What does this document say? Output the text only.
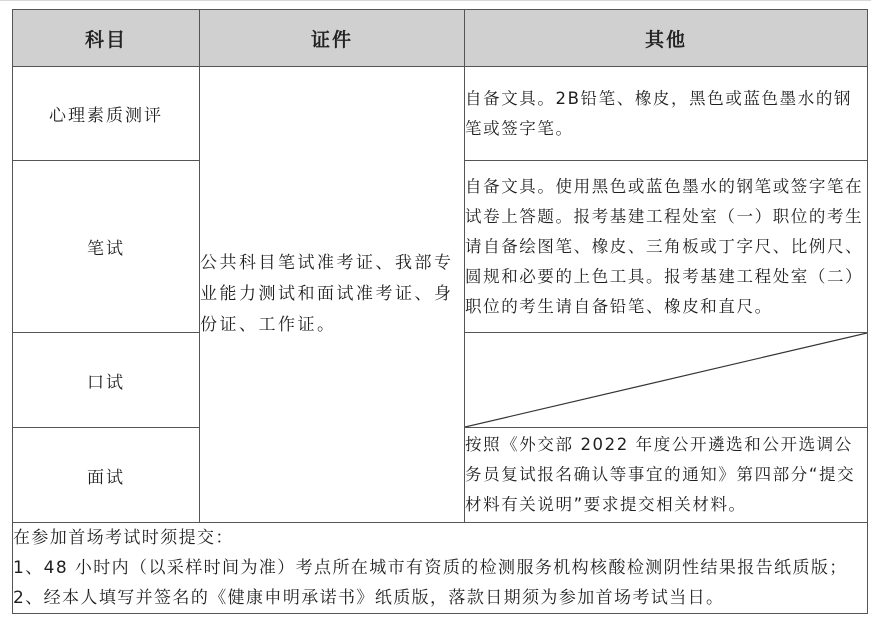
科目	证件	其他
心理素质测评	公共科目笔试准考证、我部专业能力测试和面试准考证、身份证、工作证。	自备文具。2B铅笔、橡皮，黑色或蓝色墨水的钢笔或签字笔。
笔试		自备文具。使用黑色或蓝色墨水的钢笔或签字笔在试卷上答题。报考基建工程处室（一）职位的考生请自备绘图笔、橡皮、三角板或丁字尺、比例尺、圆规和必要的上色工具。报考基建工程处室（二）职位的考生请自备铅笔、橡皮和直尺。
口试	

面试		按照《外交部 2022 年度公开遴选和公开选调公务员复试报名确认等事宜的通知》第四部分“提交材料有关说明”要求提交相关材料。

在参加首场考试时须提交：

1、48 小时内（以采样时间为准）考点所在城市有资质的检测服务机构核酸检测阴性结果报告纸质版；

2、经本人填写并签名的《健康申明承诺书》纸质版，落款日期须为参加首场考试当日。		
